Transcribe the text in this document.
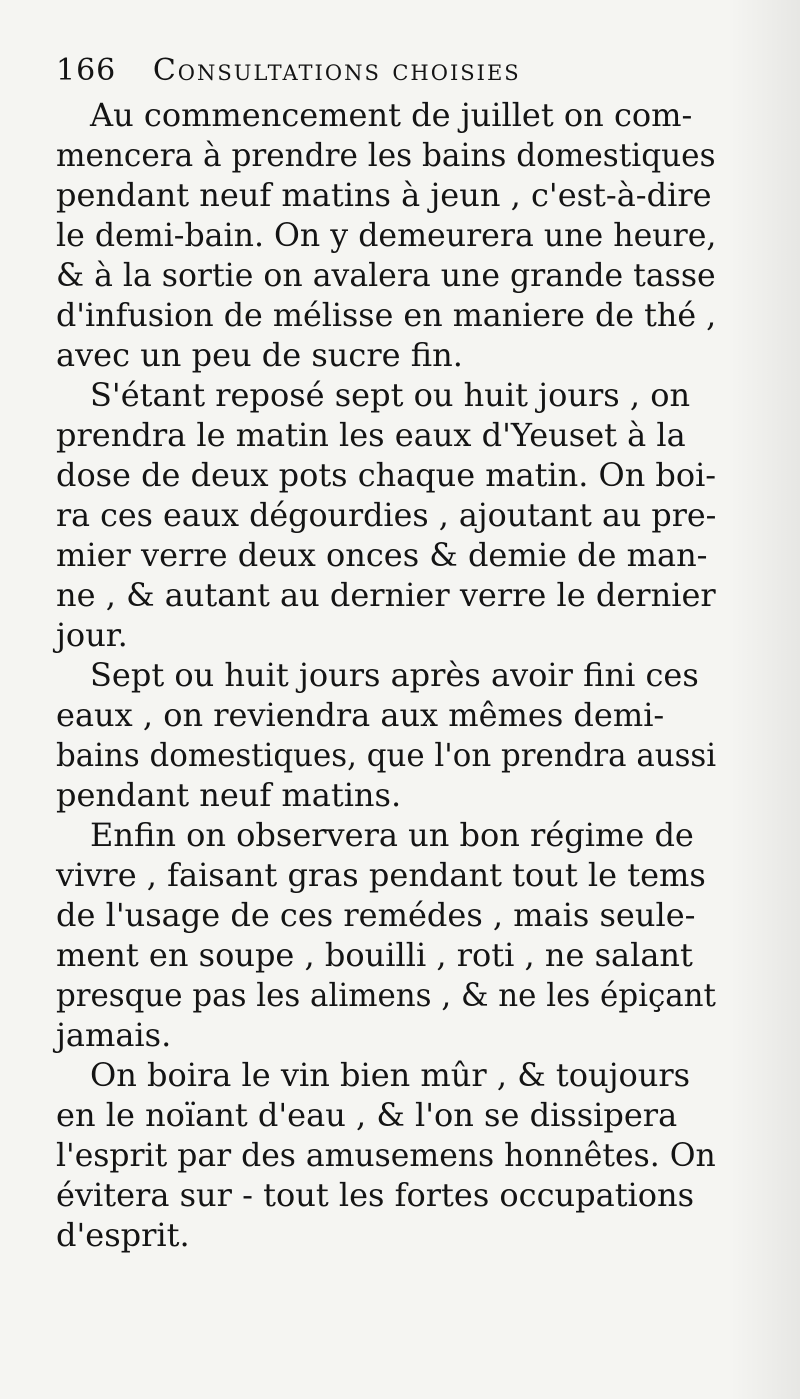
166 Consultations choisies
Au commencement de juillet on com-
mencera à prendre les bains domestiques
pendant neuf matins à jeun , c'est-à-dire
le demi-bain. On y demeurera une heure,
& à la sortie on avalera une grande tasse
d'infusion de mélisse en maniere de thé ,
avec un peu de sucre fin.
S'étant reposé sept ou huit jours , on
prendra le matin les eaux d'Yeuset à la
dose de deux pots chaque matin. On boi-
ra ces eaux dégourdies , ajoutant au pre-
mier verre deux onces & demie de man-
ne , & autant au dernier verre le dernier
jour.
Sept ou huit jours après avoir fini ces
eaux , on reviendra aux mêmes demi-
bains domestiques, que l'on prendra aussi
pendant neuf matins.
Enfin on observera un bon régime de
vivre , faisant gras pendant tout le tems
de l'usage de ces remédes , mais seule-
ment en soupe , bouilli , roti , ne salant
presque pas les alimens , & ne les épiçant
jamais.
On boira le vin bien mûr , & toujours
en le noïant d'eau , & l'on se dissipera
l'esprit par des amusemens honnêtes. On
évitera sur - tout les fortes occupations
d'esprit.
